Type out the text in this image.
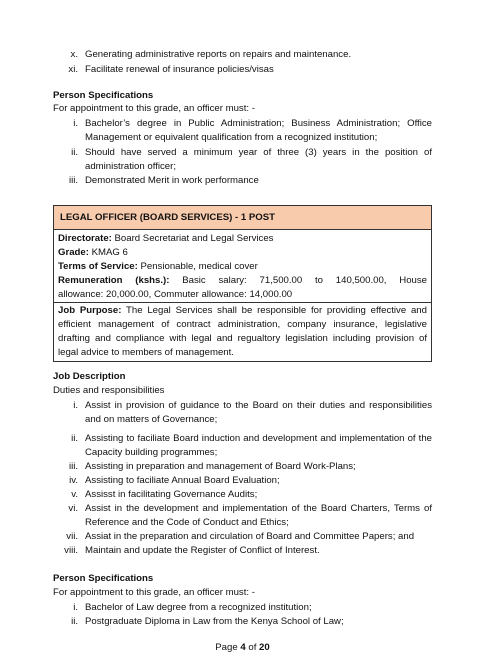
x. Generating administrative reports on repairs and maintenance.
xi. Facilitate renewal of insurance policies/visas
Person Specifications
For appointment to this grade, an officer must: -
i. Bachelor’s degree in Public Administration; Business Administration; Office Management or equivalent qualification from a recognized institution;
ii. Should have served a minimum year of three (3) years in the position of administration officer;
iii. Demonstrated Merit in work performance
LEGAL OFFICER (BOARD SERVICES) - 1 POST
Directorate: Board Secretariat and Legal Services
Grade: KMAG 6
Terms of Service: Pensionable, medical cover
Remuneration (kshs.): Basic salary: 71,500.00 to 140,500.00, House
allowance: 20,000.00, Commuter allowance: 14,000.00
Job Purpose: The Legal Services shall be responsible for providing effective and efficient management of contract administration, company insurance, legislative drafting and compliance with legal and regualtory legislation including provision of legal advice to members of management.
Job Description
Duties and responsibilities
i. Assist in provision of guidance to the Board on their duties and responsibilities and on matters of Governance;
ii. Assisting to faciliate Board induction and development and implementation of the Capacity building programmes;
iii. Assisting in preparation and management of Board Work-Plans;
iv. Assisting to faciliate Annual Board Evaluation;
v. Assisst in facilitating Governance Audits;
vi. Assist in the development and implementation of the Board Charters, Terms of Reference and the Code of Conduct and Ethics;
vii. Assiat in the preparation and circulation of Board and Committee Papers; and
viii. Maintain and update the Register of Conflict of Interest.
Person Specifications
For appointment to this grade, an officer must: -
i. Bachelor of Law degree from a recognized institution;
ii. Postgraduate Diploma in Law from the Kenya School of Law;
Page 4 of 20
